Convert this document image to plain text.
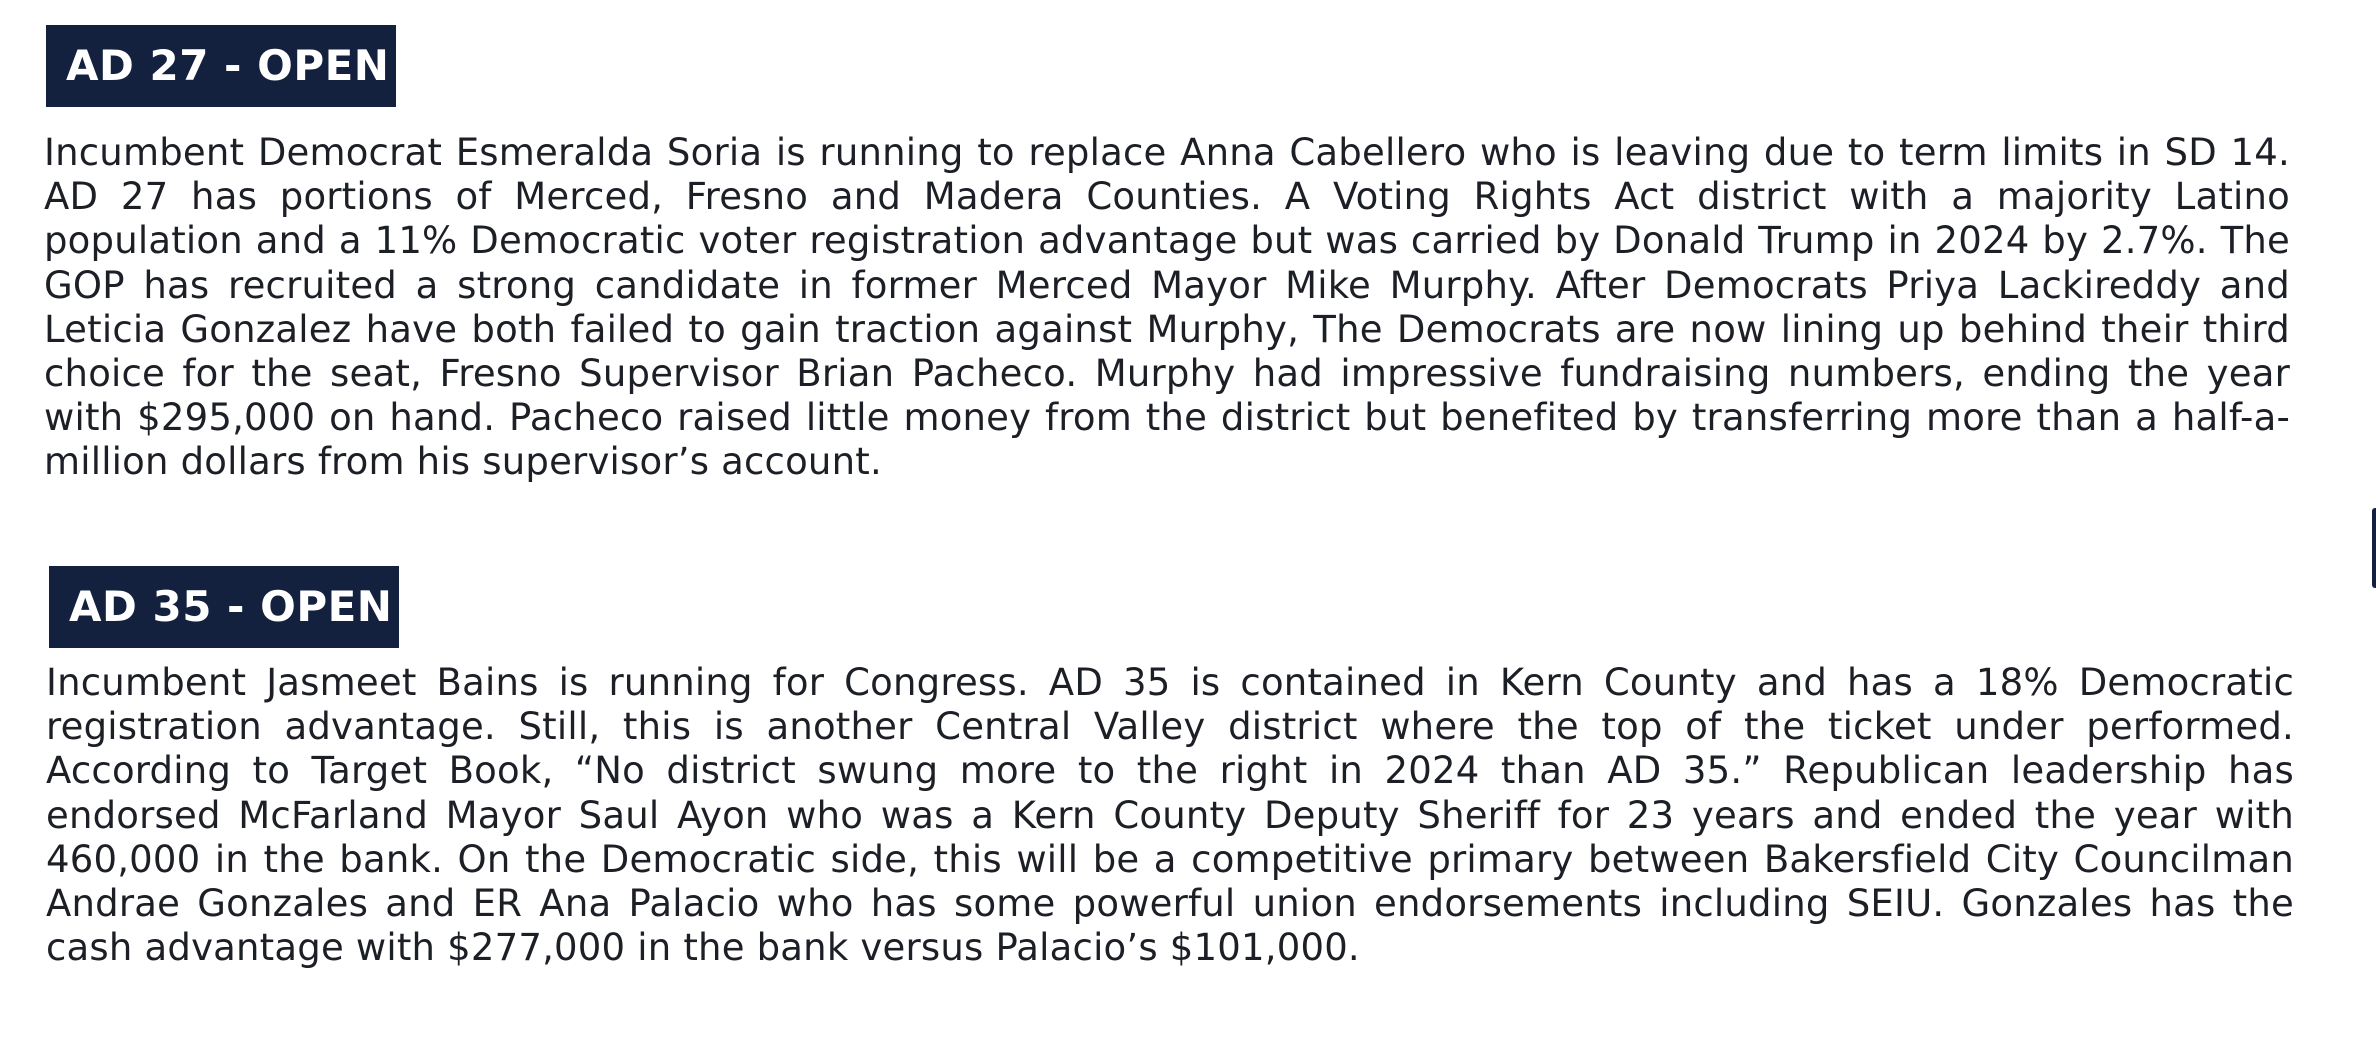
AD 27 - OPEN

Incumbent Democrat Esmeralda Soria is running to replace Anna Cabellero who is leaving due to term limits in SD 14. AD 27 has portions of Merced, Fresno and Madera Counties. A Voting Rights Act district with a majority Latino population and a 11% Democratic voter registration advantage but was carried by Donald Trump in 2024 by 2.7%. The GOP has recruited a strong candidate in former Merced Mayor Mike Murphy. After Democrats Priya Lackireddy and Leticia Gonzalez have both failed to gain traction against Murphy, The Democrats are now lining up behind their third choice for the seat, Fresno Supervisor Brian Pacheco. Murphy had impressive fundraising numbers, ending the year with $295,000 on hand. Pacheco raised little money from the district but benefited by transferring more than a half-a-million dollars from his supervisor’s account.

AD 35 - OPEN

Incumbent Jasmeet Bains is running for Congress. AD 35 is contained in Kern County and has a 18% Democratic registration advantage. Still, this is another Central Valley district where the top of the ticket under performed. According to Target Book, “No district swung more to the right in 2024 than AD 35.” Republican leadership has endorsed McFarland Mayor Saul Ayon who was a Kern County Deputy Sheriff for 23 years and ended the year with 460,000 in the bank. On the Democratic side, this will be a competitive primary between Bakersfield City Councilman Andrae Gonzales and ER Ana Palacio who has some powerful union endorsements including SEIU. Gonzales has the cash advantage with $277,000 in the bank versus Palacio’s $101,000.
